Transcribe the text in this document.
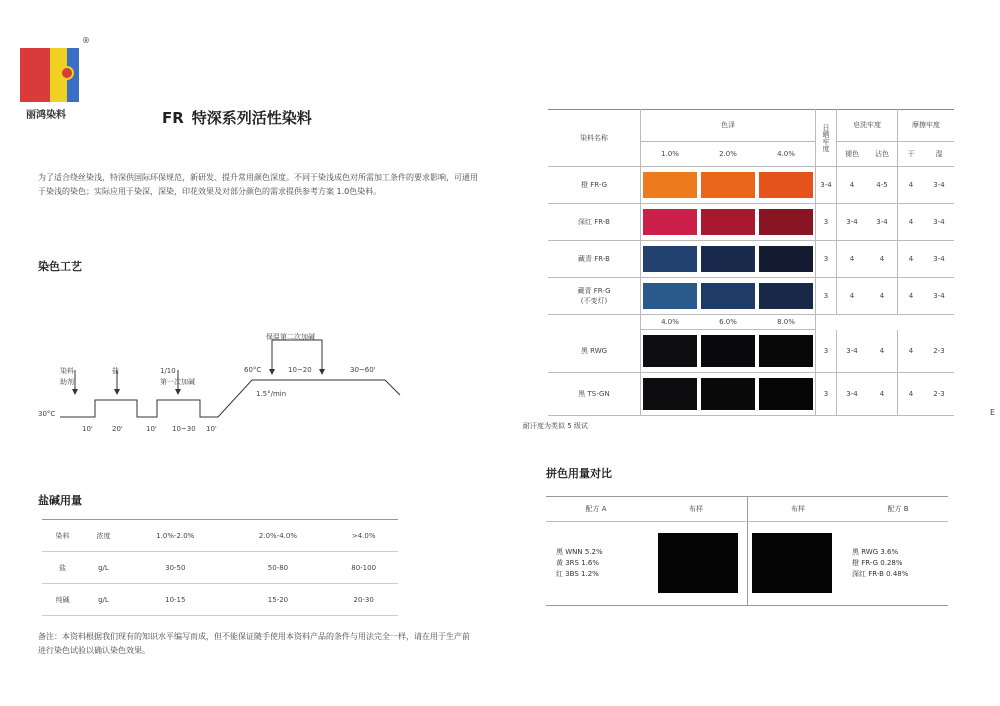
®
丽鸿染料	FR 特深系列活性染料
为了适合绕丝染浅，特深供国际环保规范，新研发、提升常用颜色深度。不同于染浅成色对所需加工条件的要求影响，可通用于染浅的染色；实际应用于染深，深染，印花效果及对部分颜色的需求提供参考方案 1.0色染料。
染色工艺
保温第二次加碱
染料
助剂
盐	1/10
第一次加碱
60°C	10~20	30~60'
30°C
1.5°/min
10'	20'	10' 10~30 10'
盐碱用量
染料	浓度	1.0%-2.0%	2.0%-4.0%	>4.0%
盐	g/L	30-50	50-80	80-100
纯碱	g/L	10-15	15-20	20-30
备注：本资料根据我们现有的知识水平编写而成，但不能保证随手使用本资料产品的条件与用法完全一样，请在用于生产前进行染色试验以确认染色效果。
染料名称	色泽			日晒牢度	皂洗牢度		摩擦牢度	
	1.0%	2.0%	4.0%		褪色	沾色	干	湿
橙 FR-G				3-4	4	4-5	4	3-4
深红 FR-B				3	3-4	3-4	4	3-4
藏青 FR-B				3	4	4	4	3-4
藏青 FR-G
(不变灯)				3	4	4	4	3-4
	4.0%	6.0%	8.0%					
黑 RWG				3	3-4	4	4	2-3
黑 TS-GN				3	3-4	4	4	2-3
耐汗度为类似 5 级试
E
拼色用量对比
配方 A	布样	布样	配方 B
黑 WNN 5.2%
黄 3RS 1.6%
红 3BS 1.2%
黑 RWG 3.6%
橙 FR-G 0.28%
深红 FR-B 0.48%
